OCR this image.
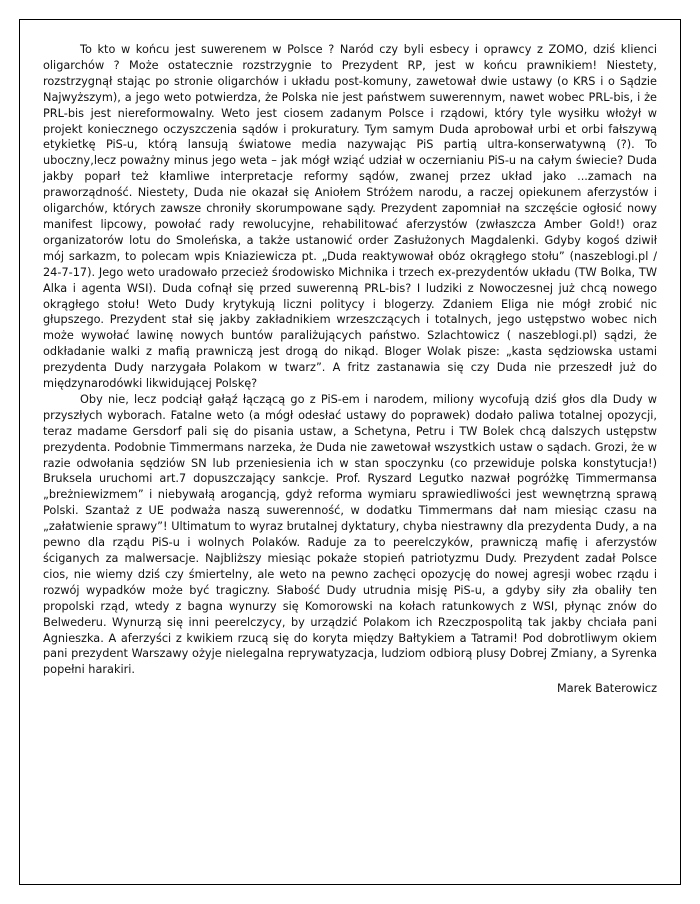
To kto w końcu jest suwerenem w Polsce ? Naród czy byli esbecy i oprawcy z ZOMO, dziś klienci oligarchów ? Może ostatecznie rozstrzygnie to Prezydent RP, jest w końcu prawnikiem! Niestety, rozstrzygnął stając po stronie oligarchów i układu post-komuny, zawetował dwie ustawy (o KRS i o Sądzie Najwyższym), a jego weto potwierdza, że Polska nie jest państwem suwerennym, nawet wobec PRL-bis, i że PRL-bis jest niereformowalny. Weto jest ciosem zadanym Polsce i rządowi, który tyle wysiłku włożył w projekt koniecznego oczyszczenia sądów i prokuratury. Tym samym Duda aprobował urbi et orbi fałszywą etykietkę PiS-u, którą lansują światowe media nazywając PiS partią ultra-konserwatywną (?). To uboczny,lecz poważny minus jego weta – jak mógł wziąć udział w oczernianiu PiS-u na całym świecie? Duda jakby poparł też kłamliwe interpretacje reformy sądów, zwanej przez układ jako ...zamach na praworządność. Niestety, Duda nie okazał się Aniołem Stróżem narodu, a raczej opiekunem aferzystów i oligarchów, których zawsze chroniły skorumpowane sądy. Prezydent zapomniał na szczęście ogłosić nowy manifest lipcowy, powołać rady rewolucyjne, rehabilitować aferzystów (zwłaszcza Amber Gold!) oraz organizatorów lotu do Smoleńska, a także ustanowić order Zasłużonych Magdalenki. Gdyby kogoś dziwił mój sarkazm, to polecam wpis Kniaziewicza pt. „Duda reaktywował obóz okrągłego stołu” (naszeblogi.pl / 24-7-17). Jego weto uradowało przecież środowisko Michnika i trzech ex-prezydentów układu (TW Bolka, TW Alka i agenta WSI). Duda cofnął się przed suwerenną PRL-bis? I ludziki z Nowoczesnej już chcą nowego okrągłego stołu! Weto Dudy krytykują liczni politycy i blogerzy. Zdaniem Eliga nie mógł zrobić nic głupszego. Prezydent stał się jakby zakładnikiem wrzeszczących i totalnych, jego ustępstwo wobec nich może wywołać lawinę nowych buntów paraliżujących państwo. Szlachtowicz ( naszeblogi.pl) sądzi, że odkładanie walki z mafią prawniczą jest drogą do nikąd. Bloger Wolak pisze: „kasta sędziowska ustami prezydenta Dudy narzygała Polakom w twarz”. A fritz zastanawia się czy Duda nie przeszedł już do międzynarodówki likwidującej Polskę?

Oby nie, lecz podciął gałąź łączącą go z PiS-em i narodem, miliony wycofują dziś głos dla Dudy w przyszłych wyborach. Fatalne weto (a mógł odesłać ustawy do poprawek) dodało paliwa totalnej opozycji, teraz madame Gersdorf pali się do pisania ustaw, a Schetyna, Petru i TW Bolek chcą dalszych ustępstw prezydenta. Podobnie Timmermans narzeka, że Duda nie zawetował wszystkich ustaw o sądach. Grozi, że w razie odwołania sędziów SN lub przeniesienia ich w stan spoczynku (co przewiduje polska konstytucja!) Bruksela uruchomi art.7 dopuszczający sankcje. Prof. Ryszard Legutko nazwał pogróżkę Timmermansa „breżniewizmem” i niebywałą arogancją, gdyż reforma wymiaru sprawiedliwości jest wewnętrzną sprawą Polski. Szantaż z UE podważa naszą suwerenność, w dodatku Timmermans dał nam miesiąc czasu na „załatwienie sprawy”! Ultimatum to wyraz brutalnej dyktatury, chyba niestrawny dla prezydenta Dudy, a na pewno dla rządu PiS-u i wolnych Polaków. Raduje za to peerelczyków, prawniczą mafię i aferzystów ściganych za malwersacje. Najbliższy miesiąc pokaże stopień patriotyzmu Dudy. Prezydent zadał Polsce cios, nie wiemy dziś czy śmiertelny, ale weto na pewno zachęci opozycję do nowej agresji wobec rządu i rozwój wypadków może być tragiczny. Słabość Dudy utrudnia misję PiS-u, a gdyby siły zła obaliły ten propolski rząd, wtedy z bagna wynurzy się Komorowski na kołach ratunkowych z WSI, płynąc znów do Belwederu. Wynurzą się inni peerelczycy, by urządzić Polakom ich Rzeczpospolitą tak jakby chciała pani Agnieszka. A aferzyści z kwikiem rzucą się do koryta między Bałtykiem a Tatrami! Pod dobrotliwym okiem pani prezydent Warszawy ożyje nielegalna reprywatyzacja, ludziom odbiorą plusy Dobrej Zmiany, a Syrenka popełni harakiri.

Marek Baterowicz
